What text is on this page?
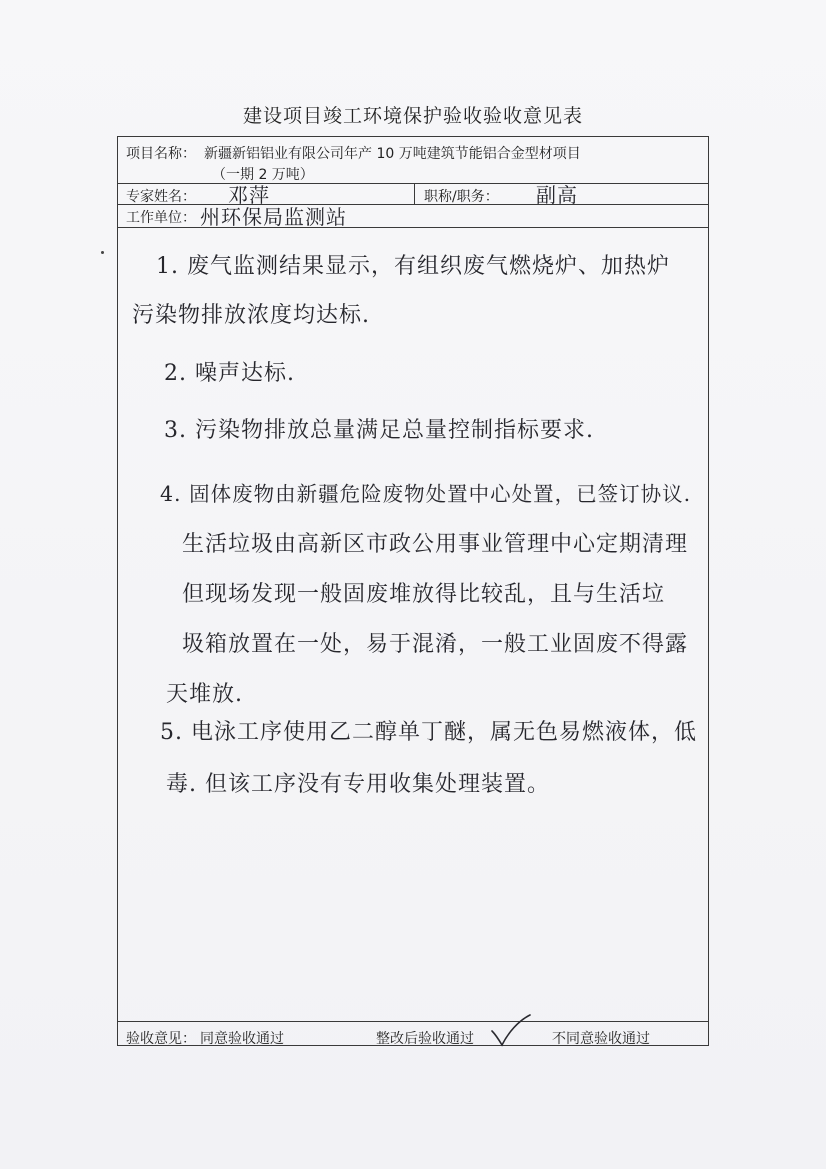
建设项目竣工环境保护验收验收意见表
项目名称： 新疆新铝铝业有限公司年产 10 万吨建筑节能铝合金型材项目
（一期 2 万吨）
专家姓名： 邓萍	职称/职务： 副高
工作单位： 州环保局监测站
1. 废气监测结果显示，有组织废气燃烧炉、加热炉
污染物排放浓度均达标.
2. 噪声达标.
3. 污染物排放总量满足总量控制指标要求.
4. 固体废物由新疆危险废物处置中心处置，已签订协议.
生活垃圾由高新区市政公用事业管理中心定期清理
但现场发现一般固废堆放得比较乱，且与生活垃
圾箱放置在一处，易于混淆，一般工业固废不得露
天堆放.
5. 电泳工序使用乙二醇单丁醚，属无色易燃液体，低
毒. 但该工序没有专用收集处理装置。
验收意见： 同意验收通过	整改后验收通过	不同意验收通过
